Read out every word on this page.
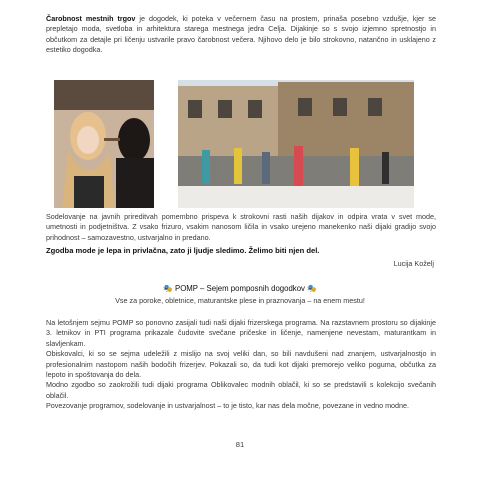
Čarobnost mestnih trgov je dogodek, ki poteka v večernem času na prostem, prinaša posebno vzdušje, kjer se prepletajo moda, svetloba in arhitektura starega mestnega jedra Celja. Dijakinje so s svojo izjemno spretnostjo in občutkom za detajle pri ličenju ustvarile pravo čarobnost večera. Njihovo delo je bilo strokovno, natančno in usklajeno z estetiko dogodka.
Sodelovanje na javnih prireditvah pomembno prispeva k strokovni rasti naših dijakov in odpira vrata v svet mode, umetnosti in podjetništva. Z vsako frizuro, vsakim nanosom ličila in vsako urejeno manekenko naši dijaki gradijo svojo prihodnost – samozavestno, ustvarjalno in predano.
Zgodba mode je lepa in privlačna, zato ji ljudje sledimo. Želimo biti njen del.
Lucija Koželj
🎭 POMP – Sejem pomposnih dogodkov 🎭
Vse za poroke, obletnice, maturantske plese in praznovanja – na enem mestu!
Na letošnjem sejmu POMP so ponovno zasijali tudi naši dijaki frizerskega programa. Na razstavnem prostoru so dijakinje 3. letnikov in PTI programa prikazale čudovite svečane pričeske in ličenje, namenjene nevestam, maturantkam in slavljenkam.
Obiskovalci, ki so se sejma udeležili z mislijo na svoj veliki dan, so bili navdušeni nad znanjem, ustvarjalnostjo in profesionalnim nastopom naših bodočih frizerjev. Pokazali so, da tudi kot dijaki premorejo veliko poguma, občutka za lepoto in spoštovanja do dela.
Modno zgodbo so zaokrožili tudi dijaki programa Oblikovalec modnih oblačil, ki so se predstavili s kolekcijo svečanih oblačil.
Povezovanje programov, sodelovanje in ustvarjalnost – to je tisto, kar nas dela močne, povezane in vedno modne.
81
